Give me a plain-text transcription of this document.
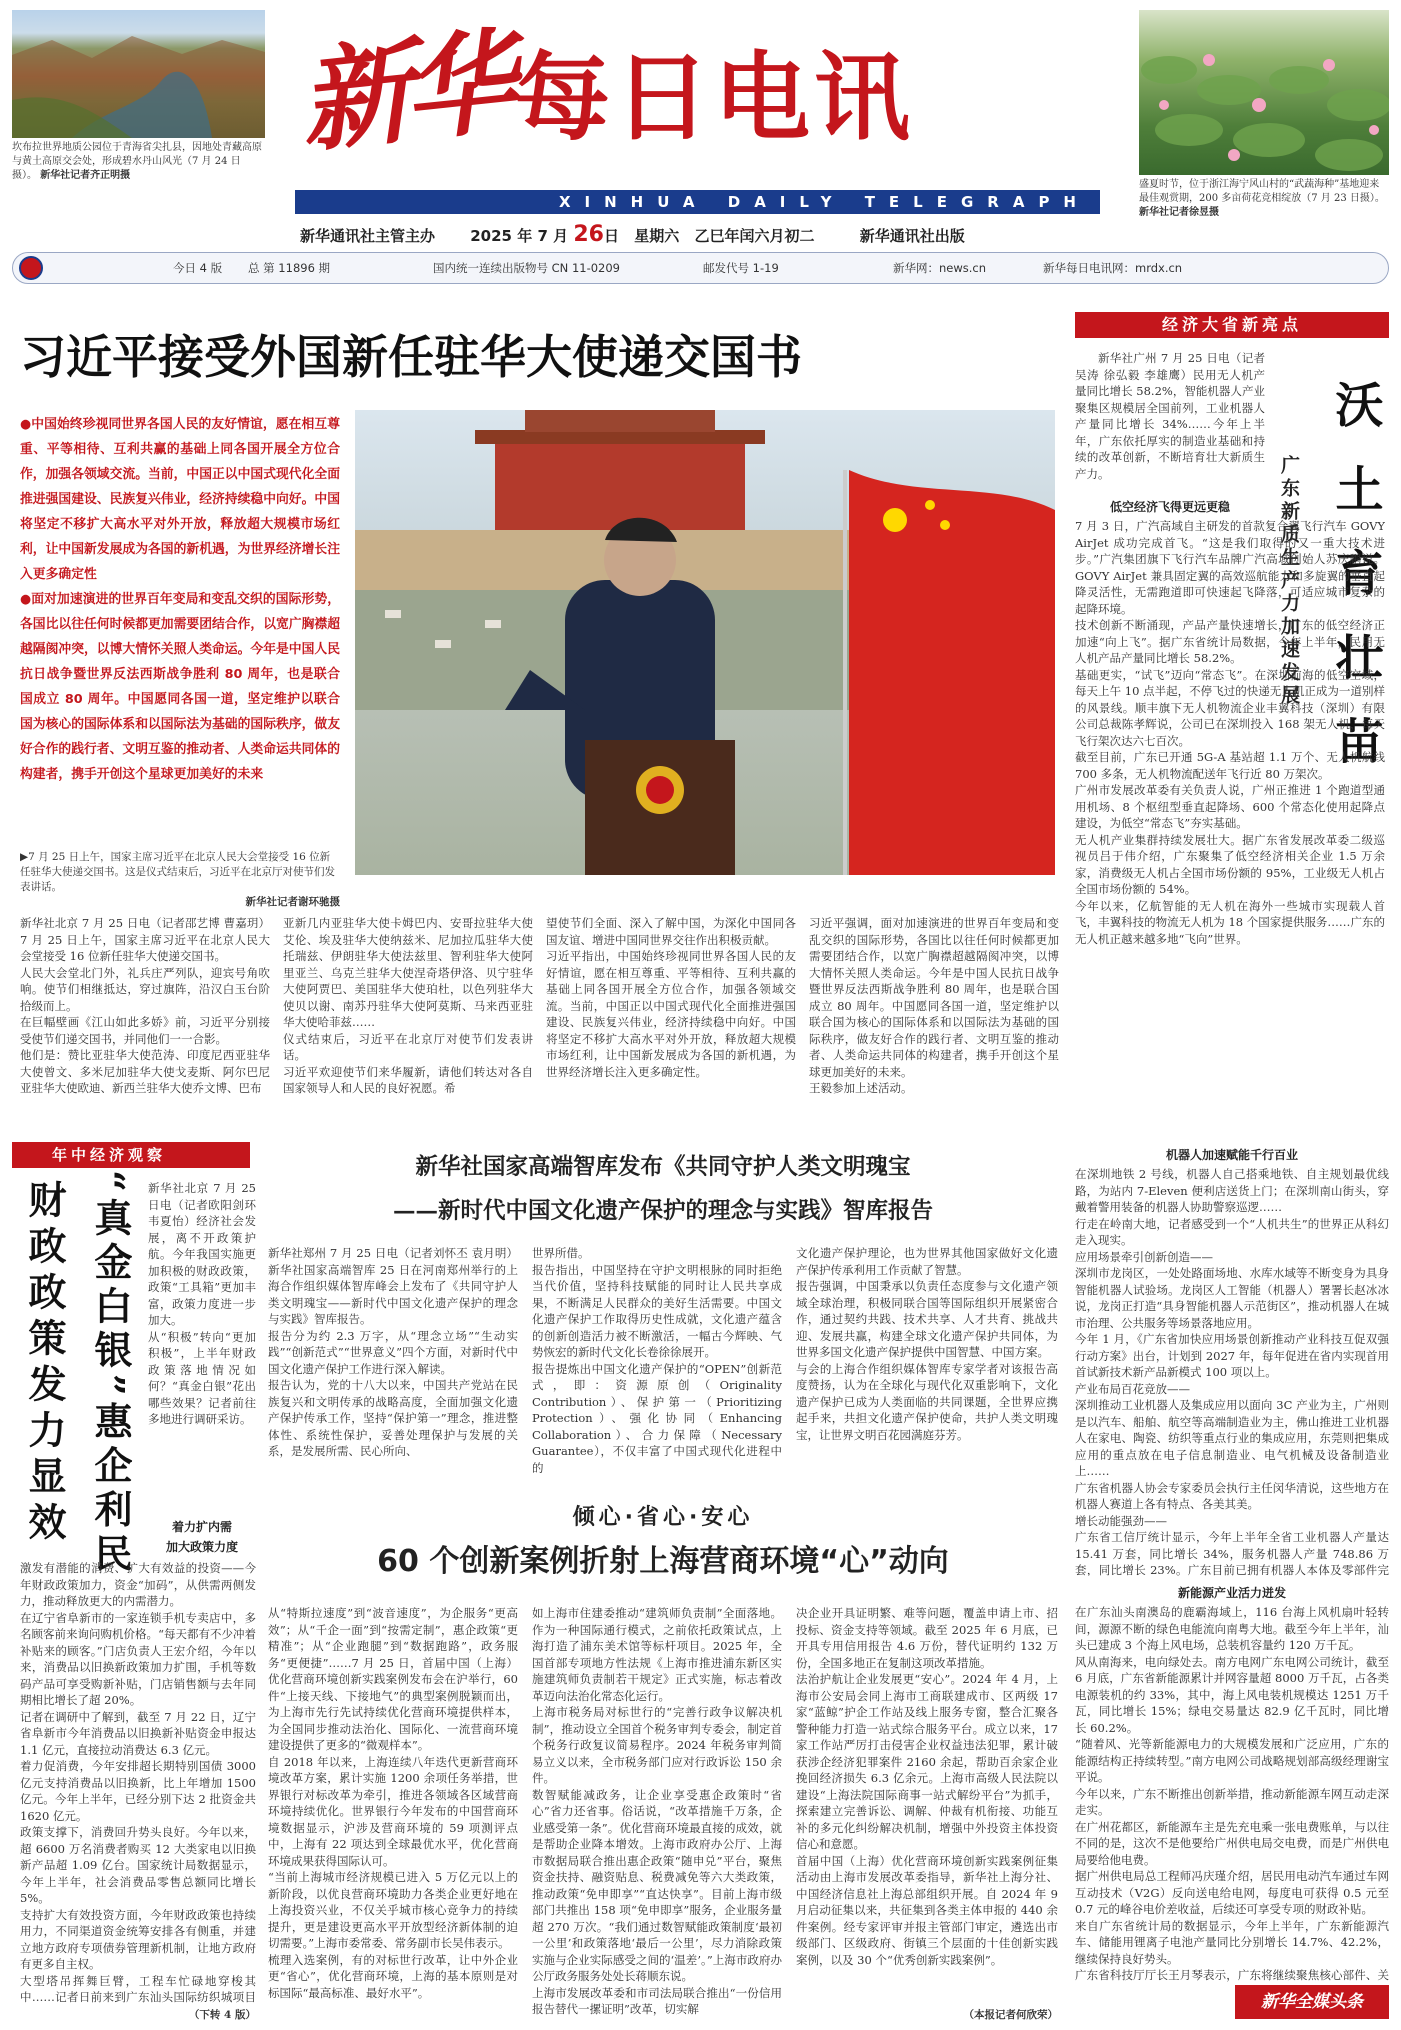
坎布拉世界地质公园位于青海省尖扎县，因地处青藏高原与黄土高原交会处，形成碧水丹山风光（7 月 24 日摄）。 新华社记者齐正明摄
新华每日电讯
XINHUA DAILY TELEGRAPH
新华通讯社主管主办 2025 年 7 月 26日 星期六 乙巳年闰六月初二	新华通讯社出版
盛夏时节，位于浙江海宁风山村的“武蔬海种”基地迎来最佳观赏期，200 多亩荷花竞相绽放（7 月 23 日摄）。 新华社记者徐昱摄
今日 4 版 总 第 11896 期	国内统一连续出版物号 CN 11-0209	邮发代号 1-19	新华网：news.cn	新华每日电讯网：mrdx.cn
习近平接受外国新任驻华大使递交国书

●中国始终珍视同世界各国人民的友好情谊，愿在相互尊重、平等相待、互利共赢的基础上同各国开展全方位合作，加强各领域交流。当前，中国正以中国式现代化全面推进强国建设、民族复兴伟业，经济持续稳中向好。中国将坚定不移扩大高水平对外开放，释放超大规模市场红利，让中国新发展成为各国的新机遇，为世界经济增长注入更多确定性

●面对加速演进的世界百年变局和变乱交织的国际形势，各国比以往任何时候都更加需要团结合作，以宽广胸襟超越隔阂冲突，以博大情怀关照人类命运。今年是中国人民抗日战争暨世界反法西斯战争胜利 80 周年，也是联合国成立 80 周年。中国愿同各国一道，坚定维护以联合国为核心的国际体系和以国际法为基础的国际秩序，做友好合作的践行者、文明互鉴的推动者、人类命运共同体的构建者，携手开创这个星球更加美好的未来

▶7 月 25 日上午，国家主席习近平在北京人民大会堂接受 16 位新任驻华大使递交国书。这是仪式结束后，习近平在北京厅对使节们发表讲话。

新华社记者谢环驰摄
新华社北京 7 月 25 日电（记者邵艺博 曹嘉玥）7 月 25 日上午，国家主席习近平在北京人民大会堂接受 16 位新任驻华大使递交国书。
人民大会堂北门外，礼兵庄严列队，迎宾号角吹响。使节们相继抵达，穿过旗阵，沿汉白玉台阶拾级而上。
在巨幅壁画《江山如此多娇》前，习近平分别接受使节们递交国书，并同他们一一合影。
他们是：赞比亚驻华大使范涛、印度尼西亚驻华大使曾文、多米尼加驻华大使戈麦斯、阿尔巴尼亚驻华大使欧迪、新西兰驻华大使乔文博、巴布
亚新几内亚驻华大使卡姆巴内、安哥拉驻华大使艾伦、埃及驻华大使纳兹米、尼加拉瓜驻华大使托瑞兹、伊朗驻华大使法兹里、智利驻华大使阿里亚兰、乌克兰驻华大使涅奇塔伊洛、贝宁驻华大使阿贾巴、美国驻华大使珀杜，以色列驻华大使贝以谢、南苏丹驻华大使阿莫斯、马来西亚驻华大使哈菲兹……
仪式结束后，习近平在北京厅对使节们发表讲话。
习近平欢迎使节们来华履新，请他们转达对各自国家领导人和人民的良好祝愿。希
望使节们全面、深入了解中国，为深化中国同各国友谊、增进中国同世界交往作出积极贡献。
习近平指出，中国始终珍视同世界各国人民的友好情谊，愿在相互尊重、平等相待、互利共赢的基础上同各国开展全方位合作，加强各领域交流。当前，中国正以中国式现代化全面推进强国建设、民族复兴伟业，经济持续稳中向好。中国将坚定不移扩大高水平对外开放，释放超大规模市场红利，让中国新发展成为各国的新机遇，为世界经济增长注入更多确定性。
习近平强调，面对加速演进的世界百年变局和变乱交织的国际形势，各国比以往任何时候都更加需要团结合作，以宽广胸襟超越隔阂冲突，以博大情怀关照人类命运。今年是中国人民抗日战争暨世界反法西斯战争胜利 80 周年，也是联合国成立 80 周年。中国愿同各国一道，坚定维护以联合国为核心的国际体系和以国际法为基础的国际秩序，做友好合作的践行者、文明互鉴的推动者、人类命运共同体的构建者，携手开创这个星球更加美好的未来。
王毅参加上述活动。
经济大省新亮点
新华社广州 7 月 25 日电（记者吴涛 徐弘毅 李雄鹰）民用无人机产量同比增长 58.2%，智能机器人产业聚集区规模居全国前列，工业机器人产量同比增长 34%……今年上半年，广东依托厚实的制造业基础和持续的改革创新，不断培育壮大新质生产力。	沃土育壮苗
广东新质生产力加速发展
低空经济飞得更远更稳
7 月 3 日，广汽高域自主研发的首款复合翼飞行汽车 GOVY AirJet 成功完成首飞。“这是我们取得的又一重大技术进步。”广汽集团旗下飞行汽车品牌广汽高域创始人苏庆鹏说。GOVY AirJet 兼具固定翼的高效巡航能力和多旋翼的垂直起降灵活性，无需跑道即可快速起飞降落，可适应城市复杂的起降环境。
技术创新不断涌现，产品产量快速增长，广东的低空经济正加速“向上飞”。据广东省统计局数据，今年上半年，民用无人机产品产量同比增长 58.2%。
基础更实，“试飞”迈向“常态飞”。在深圳前海的低空空域，每天上午 10 点半起，不停飞过的快递无人机正成为一道别样的风景线。顺丰旗下无人机物流企业丰翼科技（深圳）有限公司总裁陈孝辉说，公司已在深圳投入 168 架无人机，每天飞行架次达六七百次。
截至目前，广东已开通 5G-A 基站超 1.1 万个、无人机航线 700 多条，无人机物流配送年飞行近 80 万架次。
广州市发展改革委有关负责人说，广州正推进 1 个跑道型通用机场、8 个枢纽型垂直起降场、600 个常态化使用起降点建设，为低空“常态飞”夯实基础。
无人机产业集群持续发展壮大。据广东省发展改革委二级巡视员吕于伟介绍，广东聚集了低空经济相关企业 1.5 万余家，消费级无人机占全国市场份额的 95%，工业级无人机占全国市场份额的 54%。
今年以来，亿航智能的无人机在海外一些城市实现载人首飞，丰翼科技的物流无人机为 18 个国家提供服务……广东的无人机正越来越多地“飞向”世界。
机器人加速赋能千行百业
在深圳地铁 2 号线，机器人自己搭乘地铁、自主规划最优线路，为站内 7-Eleven 便利店送货上门；在深圳南山街头，穿戴着警用装备的机器人协助警察巡逻……
行走在岭南大地，记者感受到一个“人机共生”的世界正从科幻走入现实。
应用场景牵引创新创造——
深圳市龙岗区，一处处路面场地、水库水域等不断变身为具身智能机器人试验场。龙岗区人工智能（机器人）署署长赵冰冰说，龙岗正打造“具身智能机器人示范街区”，推动机器人在城市治理、公共服务等场景落地应用。
今年 1 月，《广东省加快应用场景创新推动产业科技互促双强行动方案》出台，计划到 2027 年，每年促进在省内实现首用首试新技术新产品新模式 100 项以上。
产业布局百花竞放——
深圳推动工业机器人及集成应用以面向 3C 产业为主，广州则是以汽车、船舶、航空等高端制造业为主，佛山推进工业机器人在家电、陶瓷、纺织等重点行业的集成应用，东莞则把集成应用的重点放在电子信息制造业、电气机械及设备制造业上……
广东省机器人协会专家委员会执行主任闵华清说，这些地方在机器人赛道上各有特点、各美其美。
增长动能强劲——
广东省工信厅统计显示，今年上半年全省工业机器人产量达 15.41 万套，同比增长 34%，服务机器人产量 748.86 万套，同比增长 23%。广东目前已拥有机器人本体及零部件完

新能源产业活力迸发
在广东汕头南澳岛的鹿霸海域上，116 台海上风机扇叶轻转间，源源不断的绿色电能流向南粤大地。截至今年上半年，汕头已建成 3 个海上风电场，总装机容量约 120 万千瓦。
风从南海来，电向绿处去。南方电网广东电网公司统计，截至 6 月底，广东省新能源累计并网容量超 8000 万千瓦，占各类电源装机的约 33%，其中，海上风电装机规模达 1251 万千瓦，同比增长 15%；绿电交易量达 82.9 亿千瓦时，同比增长 60.2%。
“随着风、光等新能源电力的大规模发展和广泛应用，广东的能源结构正持续转型。”南方电网公司战略规划部高级经理谢宝平说。
今年以来，广东不断推出创新举措，推动新能源车网互动走深走实。
在广州花都区，新能源车主是先充电乘一张电费账单，与以往不同的是，这次不是他要给广州供电局交电费，而是广州供电局要给他电费。
据广州供电局总工程师冯庆瑾介绍，居民用电动汽车通过车网互动技术（V2G）反向送电给电网，每度电可获得 0.5 元至 0.7 元的峰谷电价差收益，后续还可享受专项的财政补贴。
来自广东省统计局的数据显示，今年上半年，广东新能源汽车、储能用锂离子电池产量同比分别增长 14.7%、42.2%，继续保持良好势头。
广东省科技厅厅长王月琴表示，广东将继续聚焦核心部件、关
新华全媒头条
年中经济观察
财政政策发力显效 “真金白银”惠企利民	新华社北京 7 月 25 日电（记者欧阳剑环 韦夏怡）经济社会发展，离不开政策护航。今年我国实施更加积极的财政政策，政策“工具箱”更加丰富，政策力度进一步加大。
从“积极”转向“更加积极”，上半年财政政策落地情况如何？“真金白银”花出哪些效果？记者前往多地进行调研采访。
着力扩内需
加大政策力度
激发有潜能的消费、扩大有效益的投资——今年财政政策加力，资金“加码”，从供需两侧发力，推动释放更大的内需潜力。
在辽宁省阜新市的一家连锁手机专卖店中，多名顾客前来询问购机价格。“每天都有不少冲着补贴来的顾客。”门店负责人王宏介绍，今年以来，消费品以旧换新政策加力扩围，手机等数码产品可享受购新补贴，门店销售额与去年同期相比增长了超 20%。
记者在调研中了解到，截至 7 月 22 日，辽宁省阜新市今年消费品以旧换新补贴资金申报达 1.1 亿元，直接拉动消费达 6.3 亿元。
着力促消费，今年安排超长期特别国债 3000 亿元支持消费品以旧换新，比上年增加 1500 亿元。今年上半年，已经分别下达 2 批资金共 1620 亿元。
政策支撑下，消费回升势头良好。今年以来，超 6600 万名消费者购买 12 大类家电以旧换新产品超 1.09 亿台。国家统计局数据显示，今年上半年，社会消费品零售总额同比增长 5%。
支持扩大有效投资方面，今年财政政策也持续用力，不同渠道资金统筹安排各有侧重，并建立地方政府专项债券管理新机制，让地方政府有更多自主权。
大型塔吊挥舞巨臂，工程车忙碌地穿梭其中……记者日前来到广东汕头国际纺织城项目
（下转 4 版）
新华社国家高端智库发布《共同守护人类文明瑰宝
——新时代中国文化遗产保护的理念与实践》智库报告
新华社郑州 7 月 25 日电（记者刘怀丕 袁月明）新华社国家高端智库 25 日在河南郑州举行的上海合作组织媒体智库峰会上发布了《共同守护人类文明瑰宝——新时代中国文化遗产保护的理念与实践》智库报告。
报告分为约 2.3 万字，从“理念立场”“生动实践”“创新范式”“世界意义”四个方面，对新时代中国文化遗产保护工作进行深入解读。
报告认为，党的十八大以来，中国共产党站在民族复兴和文明传承的战略高度，全面加强文化遗产保护传承工作，坚持“保护第一”理念，推进整体性、系统性保护，妥善处理保护与发展的关系，是发展所需、民心所向、
世界所借。
报告指出，中国坚持在守护文明根脉的同时拒绝当代价值，坚持科技赋能的同时让人民共享成果，不断满足人民群众的美好生活需要。中国文化遗产保护工作取得历史性成就，文化遗产蕴含的创新创造活力被不断激活，一幅古今辉映、气势恢宏的新时代文化长卷徐徐展开。
报告提炼出中国文化遗产保护的“OPEN”创新范式，即：资源原创（Originality Contribution）、保护第一（Prioritizing Protection）、强化协同（Enhancing Collaboration）、合力保障（Necessary Guarantee），不仅丰富了中国式现代化进程中的
文化遗产保护理论，也为世界其他国家做好文化遗产保护传承利用工作贡献了智慧。
报告强调，中国秉承以负责任态度参与文化遗产领域全球治理，积极同联合国等国际组织开展紧密合作，通过契约共践、技术共享、人才共育、挑战共迎、发展共赢，构建全球文化遗产保护共同体，为世界多国文化遗产保护提供中国智慧、中国方案。
与会的上海合作组织媒体智库专家学者对该报告高度赞扬，认为在全球化与现代化双重影响下，文化遗产保护已成为人类面临的共同课题，全世界应携起手来，共担文化遗产保护使命，共护人类文明瑰宝，让世界文明百花园满庭芬芳。
倾心·省心·安心
60 个创新案例折射上海营商环境“心”动向
从“特斯拉速度”到“波音速度”，为企服务“更高效”；从“千企一面”到“按需定制”，惠企政策“更精准”；从“企业跑腿”到“数据跑路”，政务服务“更便捷”……7 月 25 日，首届中国（上海）优化营商环境创新实践案例发布会在沪举行，60 件“上接天线、下接地气”的典型案例脱颖而出，为上海市先行先试持续优化营商环境提供样本，为全国同步推动法治化、国际化、一流营商环境建设提供了更多的“微观样本”。
自 2018 年以来，上海连续八年迭代更新营商环境改革方案，累计实施 1200 余项任务举措，世界银行对标改革为牵引，推进各领域各区域营商环境持续优化。世界银行今年发布的中国营商环境数据显示，沪涉及营商环境的 59 项测评点中，上海有 22 项达到全球最优水平，优化营商环境成果获得国际认可。
“当前上海城市经济规模已进入 5 万亿元以上的新阶段，以优良营商环境助力各类企业更好地在上海投资兴业，不仅关乎城市核心竞争力的持续提升，更是建设更高水平开放型经济新体制的迫切需要。”上海市委常委、常务副市长吴伟表示。
梳理入选案例，有的对标世行改革，让中外企业更“省心”，优化营商环境，上海的基本原则是对标国际“最高标准、最好水平”。
如上海市住建委推动“建筑师负责制”全面落地。作为一种国际通行模式，之前依托政策试点，上海打造了浦东美术馆等标杆项目。2025 年，全国首部专项地方性法规《上海市推进浦东新区实施建筑师负责制若干规定》正式实施，标志着改革迈向法治化常态化运行。
上海市税务局对标世行的“完善行政争议解决机制”，推动设立全国首个税务审判专委会，制定首个税务行政复议简易程序。2024 年税务审判简易立义以来，全市税务部门应对行政诉讼 150 余件。
数智赋能减政务，让企业享受惠企政策时“省心”省力还省事。俗话说，“改革措施千万条，企业感受第一条”。优化营商环境最直接的成效，就是帮助企业降本增效。上海市政府办公厅、上海市数据局联合推出惠企政策“随申兑”平台，聚焦资金扶持、融资贴息、税费减免等六大类政策，推动政策“免申即享”“直达快享”。目前上海市级部门共推出 158 项“免申即享”服务，企业服务量超 270 万次。“我们通过数智赋能政策制度‘最初一公里’和政策落地‘最后一公里’，尽力消除政策实施与企业实际感受之间的‘温差’。”上海市政府办公厅政务服务处处长蒋顺东说。
上海市发展改革委和市司法局联合推出“一份信用报告替代一摞证明”改革，切实解
决企业开具证明繁、难等问题，覆盖申请上市、招投标、资金支持等领域。截至 2025 年 6 月底，已开具专用信用报告 4.6 万份，替代证明约 132 万份，全国多地正在复制这项改革措施。
法治护航让企业发展更“安心”。2024 年 4 月，上海市公安局会同上海市工商联建成市、区两级 17 家“蓝鲸”护企工作站及线上服务专窗，整合汇聚各警种能力打造一站式综合服务平台。成立以来，17 家工作站严厉打击侵害企业权益违法犯罪，累计破获涉企经济犯罪案件 2160 余起，帮助百余家企业挽回经济损失 6.3 亿余元。上海市高级人民法院以建设“上海法院国际商事一站式解纷平台”为抓手，探索建立完善诉讼、调解、仲裁有机衔接、功能互补的多元化纠纷解决机制，增强中外投资主体投资信心和意愿。
首届中国（上海）优化营商环境创新实践案例征集活动由上海市发展改革委指导，新华社上海分社、中国经济信息社上海总部组织开展。自 2024 年 9 月启动征集以来，共征集到各类主体申报的 440 余件案例。经专家评审并报主管部门审定，遴选出市级部门、区级政府、街镇三个层面的十佳创新实践案例，以及 30 个“优秀创新实践案例”。
（本报记者何欣荣）
